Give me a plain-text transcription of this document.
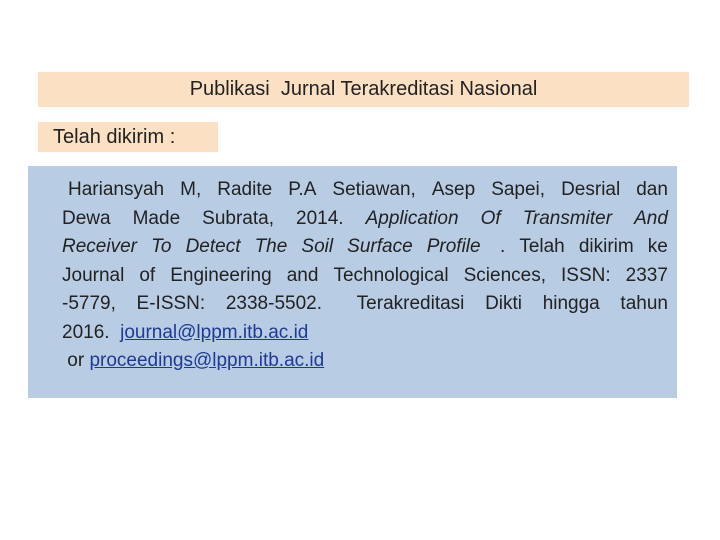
Publikasi  Jurnal Terakreditasi Nasional
Telah dikirim :
Hariansyah M, Radite P.A Setiawan, Asep Sapei, Desrial dan
Dewa Made Subrata, 2014. Application Of Transmiter And
Receiver To Detect The Soil Surface Profile . Telah dikirim ke
Journal of Engineering and Technological Sciences, ISSN: 2337
-5779, E-ISSN: 2338-5502. Terakreditasi Dikti hingga tahun
2016.  journal@lppm.itb.ac.id
or proceedings@lppm.itb.ac.id
